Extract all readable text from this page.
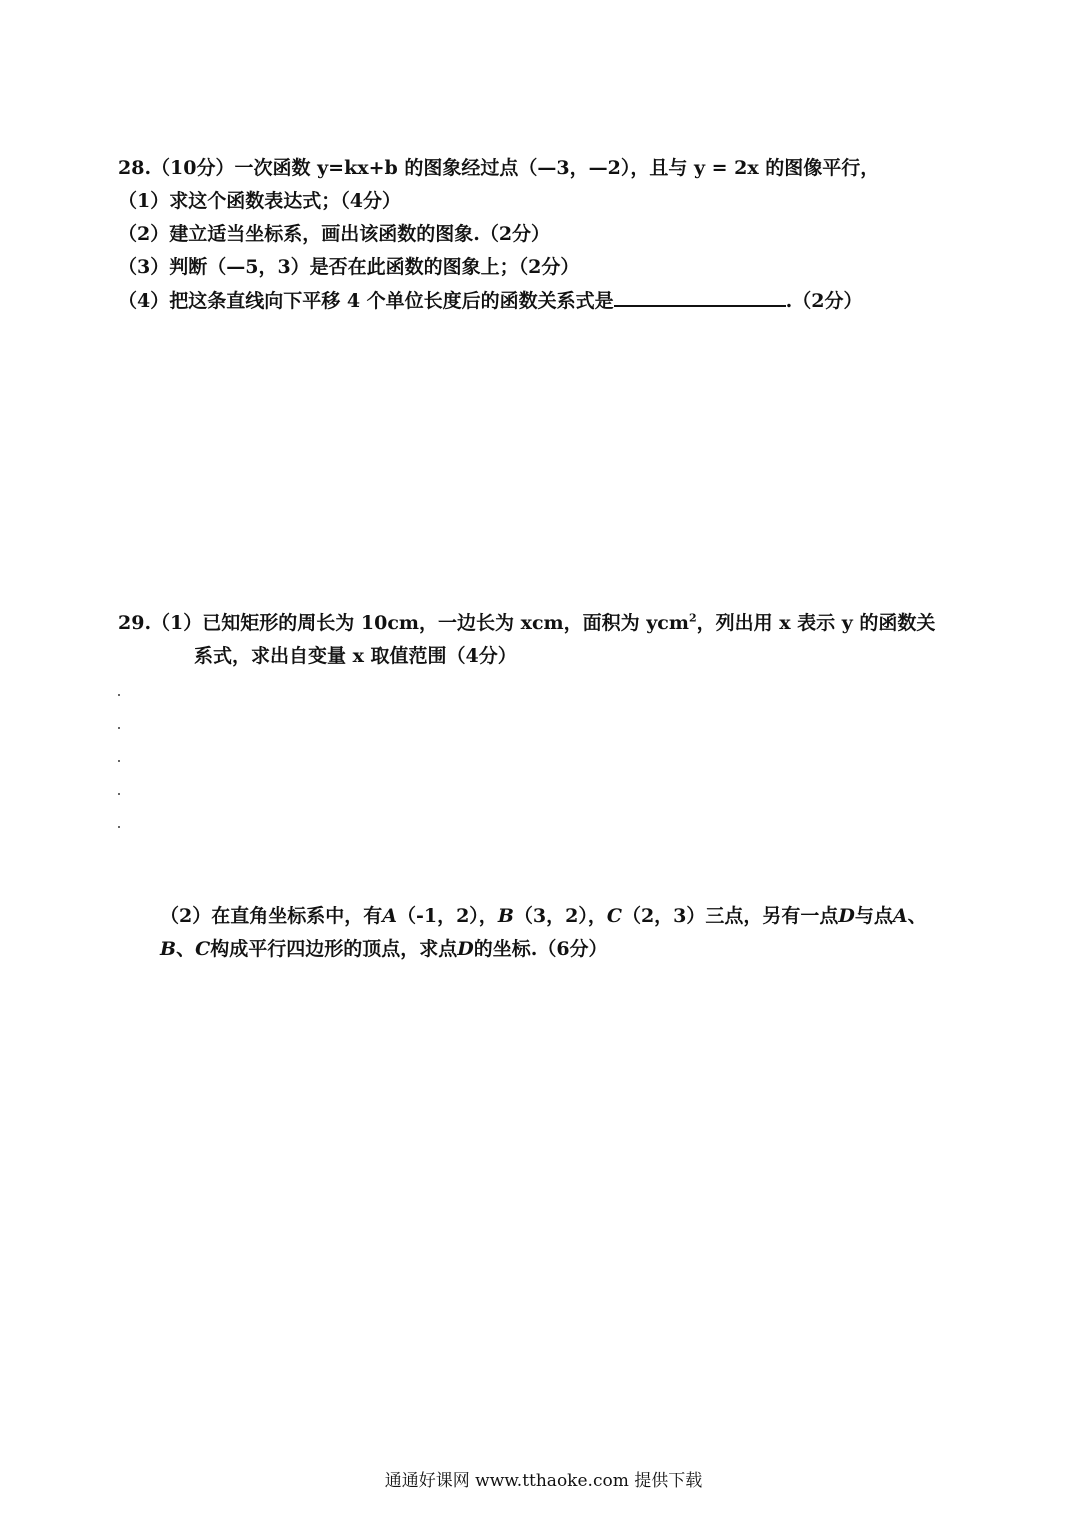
28.（10分）一次函数 y=kx+b 的图象经过点（—3，—2），且与 y = 2x 的图像平行，
（1）求这个函数表达式；（4分）
（2）建立适当坐标系，画出该函数的图象.（2分）
（3）判断（—5，3）是否在此函数的图象上；（2分）
（4）把这条直线向下平移 4 个单位长度后的函数关系式是	.（2分）
29.（1）已知矩形的周长为 10cm，一边长为 xcm，面积为 ycm$^2$，列出用 x 表示 y 的函数关
系式，求出自变量 x 取值范围（4分）
（2）在直角坐标系中，有A（-1，2），B（3，2），C（2，3）三点，另有一点D与点A、
B、C构成平行四边形的顶点，求点D的坐标.（6分）
通通好课网 www.tthaoke.com 提供下载
